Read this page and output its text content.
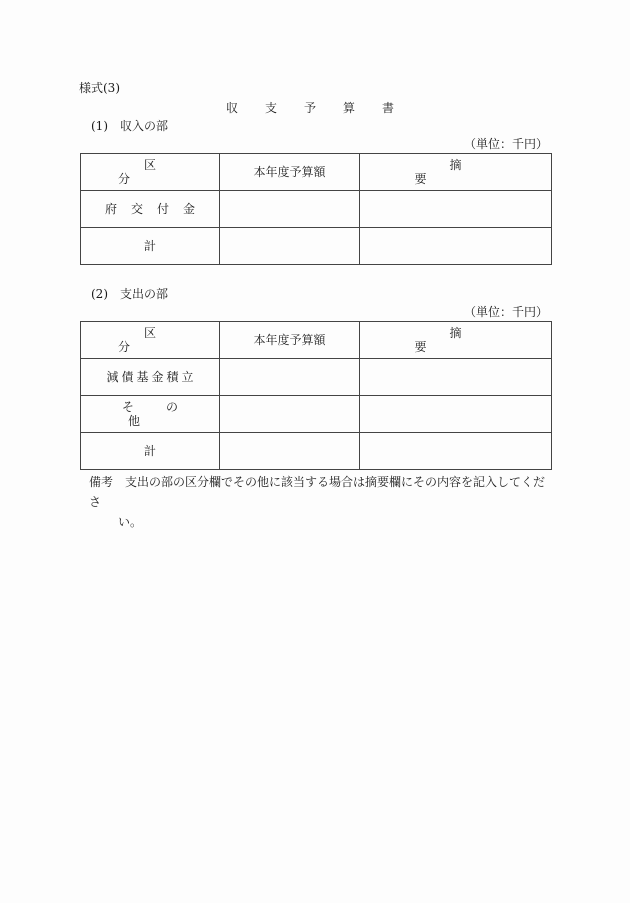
様式(3)
収支予算書
(1)　収入の部
（単位：千円）
区分	本年度予算額	摘要
府交付金		
計		
(2)　支出の部
（単位：千円）
区分	本年度予算額	摘要
減債基金積立		
その他		
計		
備考 支出の部の区分欄でその他に該当する場合は摘要欄にその内容を記入してくださ
い。
